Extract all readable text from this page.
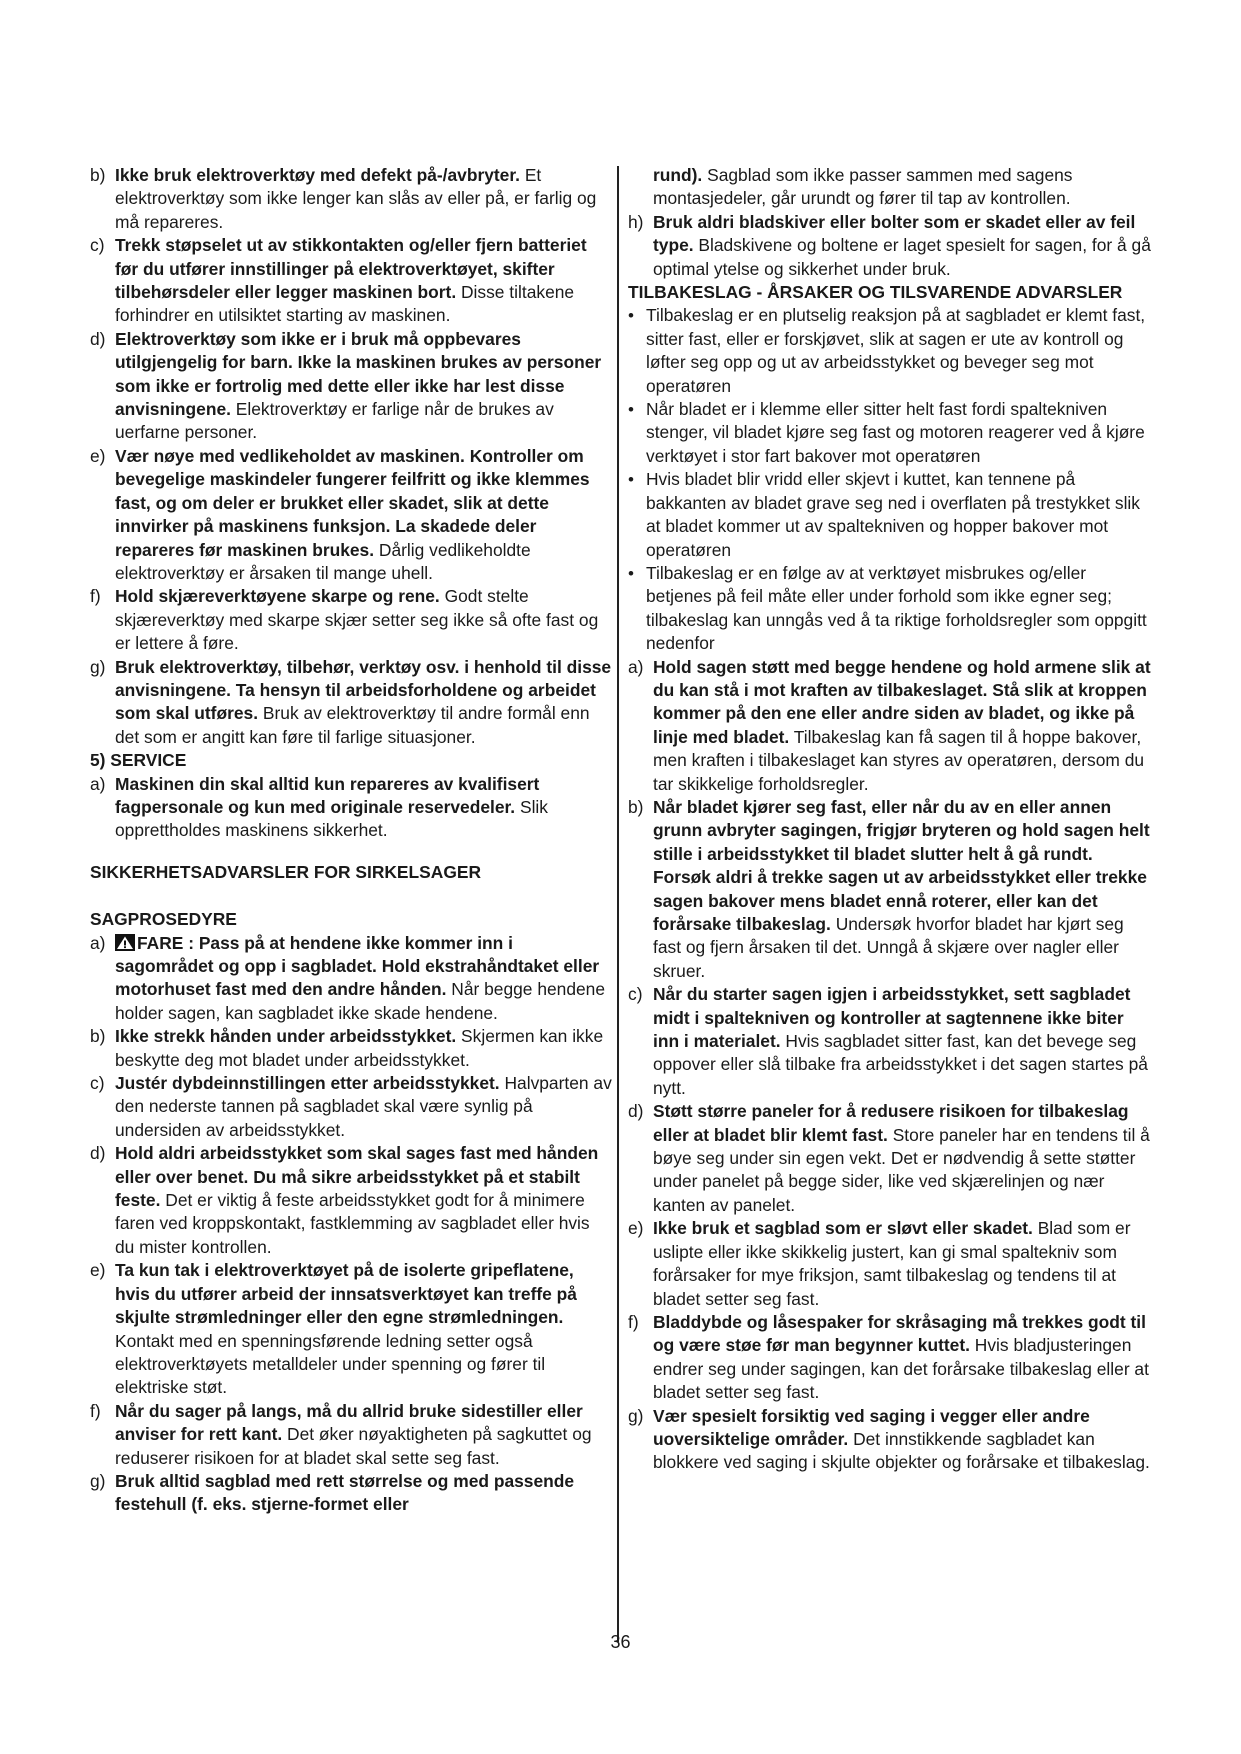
b) Ikke bruk elektroverktøy med defekt på-/avbryter. Et elektroverktøy som ikke lenger kan slås av eller på, er farlig og må repareres.

c) Trekk støpselet ut av stikkontakten og/eller fjern batteriet før du utfører innstillinger på elektroverktøyet, skifter tilbehørsdeler eller legger maskinen bort. Disse tiltakene forhindrer en utilsiktet starting av maskinen.

d) Elektroverktøy som ikke er i bruk må oppbevares utilgjengelig for barn. Ikke la maskinen brukes av personer som ikke er fortrolig med dette eller ikke har lest disse anvisningene. Elektroverktøy er farlige når de brukes av uerfarne personer.

e) Vær nøye med vedlikeholdet av maskinen. Kontroller om bevegelige maskindeler fungerer feilfritt og ikke klemmes fast, og om deler er brukket eller skadet, slik at dette innvirker på maskinens funksjon. La skadede deler repareres før maskinen brukes. Dårlig vedlikeholdte elektroverktøy er årsaken til mange uhell.

f) Hold skjæreverktøyene skarpe og rene. Godt stelte skjæreverktøy med skarpe skjær setter seg ikke så ofte fast og er lettere å føre.

g) Bruk elektroverktøy, tilbehør, verktøy osv. i henhold til disse anvisningene. Ta hensyn til arbeidsforholdene og arbeidet som skal utføres. Bruk av elektroverktøy til andre formål enn det som er angitt kan føre til farlige situasjoner.

5) SERVICE

a) Maskinen din skal alltid kun repareres av kvalifisert fagpersonale og kun med originale reservedeler. Slik opprettholdes maskinens sikkerhet.

SIKKERHETSADVARSLER FOR SIRKELSAGER

SAGPROSEDYRE

a) FARE : Pass på at hendene ikke kommer inn i sagområdet og opp i sagbladet. Hold ekstrahåndtaket eller motorhuset fast med den andre hånden. Når begge hendene holder sagen, kan sagbladet ikke skade hendene.

b) Ikke strekk hånden under arbeidsstykket. Skjermen kan ikke beskytte deg mot bladet under arbeidsstykket.

c) Justér dybdeinnstillingen etter arbeidsstykket. Halvparten av den nederste tannen på sagbladet skal være synlig på undersiden av arbeidsstykket.

d) Hold aldri arbeidsstykket som skal sages fast med hånden eller over benet. Du må sikre arbeidsstykket på et stabilt feste. Det er viktig å feste arbeidsstykket godt for å minimere faren ved kroppskontakt, fastklemming av sagbladet eller hvis du mister kontrollen.

e) Ta kun tak i elektroverktøyet på de isolerte gripeflatene, hvis du utfører arbeid der innsatsverktøyet kan treffe på skjulte strømledninger eller den egne strømledningen. Kontakt med en spenningsførende ledning setter også elektroverktøyets metalldeler under spenning og fører til elektriske støt.

f) Når du sager på langs, må du allrid bruke sidestiller eller anviser for rett kant. Det øker nøyaktigheten på sagkuttet og reduserer risikoen for at bladet skal sette seg fast.

g) Bruk alltid sagblad med rett størrelse og med passende festehull (f. eks. stjerne-formet eller

rund). Sagblad som ikke passer sammen med sagens montasjedeler, går urundt og fører til tap av kontrollen.

h) Bruk aldri bladskiver eller bolter som er skadet eller av feil type. Bladskivene og boltene er laget spesielt for sagen, for å gå optimal ytelse og sikkerhet under bruk.

TILBAKESLAG - ÅRSAKER OG TILSVARENDE ADVARSLER

• Tilbakeslag er en plutselig reaksjon på at sagbladet er klemt fast, sitter fast, eller er forskjøvet, slik at sagen er ute av kontroll og løfter seg opp og ut av arbeidsstykket og beveger seg mot operatøren

• Når bladet er i klemme eller sitter helt fast fordi spaltekniven stenger, vil bladet kjøre seg fast og motoren reagerer ved å kjøre verktøyet i stor fart bakover mot operatøren

• Hvis bladet blir vridd eller skjevt i kuttet, kan tennene på bakkanten av bladet grave seg ned i overflaten på trestykket slik at bladet kommer ut av spaltekniven og hopper bakover mot operatøren

• Tilbakeslag er en følge av at verktøyet misbrukes og/eller betjenes på feil måte eller under forhold som ikke egner seg; tilbakeslag kan unngås ved å ta riktige forholdsregler som oppgitt nedenfor

a) Hold sagen støtt med begge hendene og hold armene slik at du kan stå i mot kraften av tilbakeslaget. Stå slik at kroppen kommer på den ene eller andre siden av bladet, og ikke på linje med bladet. Tilbakeslag kan få sagen til å hoppe bakover, men kraften i tilbakeslaget kan styres av operatøren, dersom du tar skikkelige forholdsregler.

b) Når bladet kjører seg fast, eller når du av en eller annen grunn avbryter sagingen, frigjør bryteren og hold sagen helt stille i arbeidsstykket til bladet slutter helt å gå rundt. Forsøk aldri å trekke sagen ut av arbeidsstykket eller trekke sagen bakover mens bladet ennå roterer, eller kan det forårsake tilbakeslag. Undersøk hvorfor bladet har kjørt seg fast og fjern årsaken til det. Unngå å skjære over nagler eller skruer.

c) Når du starter sagen igjen i arbeidsstykket, sett sagbladet midt i spaltekniven og kontroller at sagtennene ikke biter inn i materialet. Hvis sagbladet sitter fast, kan det bevege seg oppover eller slå tilbake fra arbeidsstykket i det sagen startes på nytt.

d) Støtt større paneler for å redusere risikoen for tilbakeslag eller at bladet blir klemt fast. Store paneler har en tendens til å bøye seg under sin egen vekt. Det er nødvendig å sette støtter under panelet på begge sider, like ved skjærelinjen og nær kanten av panelet.

e) Ikke bruk et sagblad som er sløvt eller skadet. Blad som er uslipte eller ikke skikkelig justert, kan gi smal spaltekniv som forårsaker for mye friksjon, samt tilbakeslag og tendens til at bladet setter seg fast.

f) Bladdybde og låsespaker for skråsaging må trekkes godt til og være støe før man begynner kuttet. Hvis bladjusteringen endrer seg under sagingen, kan det forårsake tilbakeslag eller at bladet setter seg fast.

g) Vær spesielt forsiktig ved saging i vegger eller andre uoversiktelige områder. Det innstikkende sagbladet kan blokkere ved saging i skjulte objekter og forårsake et tilbakeslag.

36
